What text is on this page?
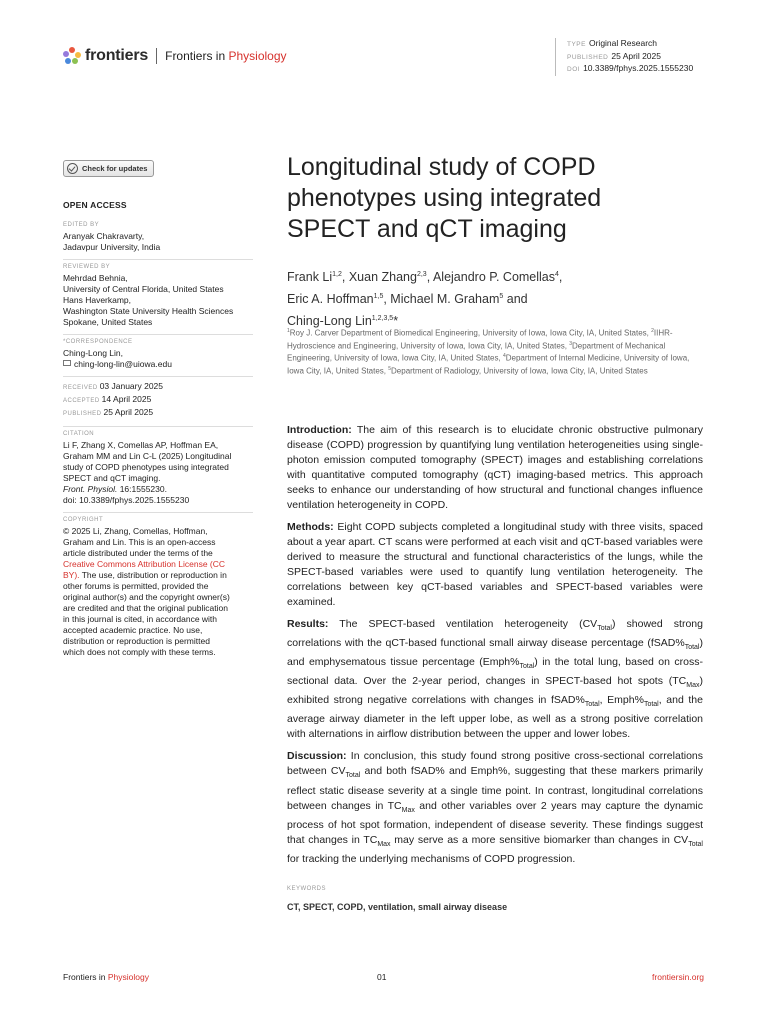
frontiers Frontiers in Physiology
TYPE Original Research
PUBLISHED 25 April 2025
DOI 10.3389/fphys.2025.1555230
Check for updates
OPEN ACCESS
EDITED BY
Aranyak Chakravarty,
Jadavpur University, India
REVIEWED BY
Mehrdad Behnia,
University of Central Florida, United States
Hans Haverkamp,
Washington State University Health Sciences
Spokane, United States
*CORRESPONDENCE
Ching-Long Lin,
ching-long-lin@uiowa.edu
RECEIVED 03 January 2025
ACCEPTED 14 April 2025
PUBLISHED 25 April 2025
CITATION
Li F, Zhang X, Comellas AP, Hoffman EA,
Graham MM and Lin C-L (2025) Longitudinal
study of COPD phenotypes using integrated
SPECT and qCT imaging.
Front. Physiol. 16:1555230.
doi: 10.3389/fphys.2025.1555230
COPYRIGHT
© 2025 Li, Zhang, Comellas, Hoffman,
Graham and Lin. This is an open-access
article distributed under the terms of the
Creative Commons Attribution License (CC
BY). The use, distribution or reproduction in
other forums is permitted, provided the
original author(s) and the copyright owner(s)
are credited and that the original publication
in this journal is cited, in accordance with
accepted academic practice. No use,
distribution or reproduction is permitted
which does not comply with these terms.
Longitudinal study of COPD
phenotypes using integrated
SPECT and qCT imaging
Frank Li$^{1,2}$, Xuan Zhang$^{2,3}$, Alejandro P. Comellas$^4$,
Eric A. Hoffman$^{1,5}$, Michael M. Graham$^5$ and
Ching-Long Lin$^{1,2,3,5}$*
$^1$Roy J. Carver Department of Biomedical Engineering, University of Iowa, Iowa City, IA, United States, $^2$IIHR-Hydroscience and Engineering, University of Iowa, Iowa City, IA, United States, $^3$Department of Mechanical Engineering, University of Iowa, Iowa City, IA, United States, $^4$Department of Internal Medicine, University of Iowa, Iowa City, IA, United States, $^5$Department of Radiology, University of Iowa, Iowa City, IA, United States

Introduction: The aim of this research is to elucidate chronic obstructive pulmonary disease (COPD) progression by quantifying lung ventilation heterogeneities using single-photon emission computed tomography (SPECT) images and establishing correlations with quantitative computed tomography (qCT) imaging-based metrics. This approach seeks to enhance our understanding of how structural and functional changes influence ventilation heterogeneity in COPD.

Methods: Eight COPD subjects completed a longitudinal study with three visits, spaced about a year apart. CT scans were performed at each visit and qCT-based variables were derived to measure the structural and functional characteristics of the lungs, while the SPECT-based variables were used to quantify lung ventilation heterogeneity. The correlations between key qCT-based variables and SPECT-based variables were examined.

Results: The SPECT-based ventilation heterogeneity $(CV_{Total})$ showed strong correlations with the qCT-based functional small airway disease percentage $(fSAD\%_{Total})$ and emphysematous tissue percentage $(Emph\%_{Total})$ in the total lung, based on cross-sectional data. Over the 2-year period, changes in SPECT-based hot spots $(TC_{Max})$ exhibited strong negative correlations with changes in $fSAD\%_{Total}$, $Emph\%_{Total}$, and the average airway diameter in the left upper lobe, as well as a strong positive correlation with alternations in airflow distribution between the upper and lower lobes.

Discussion: In conclusion, this study found strong positive cross-sectional correlations between $CV_{Total}$ and both fSAD% and Emph%, suggesting that these markers primarily reflect static disease severity at a single time point. In contrast, longitudinal correlations between changes in $TC_{Max}$ and other variables over 2 years may capture the dynamic process of hot spot formation, independent of disease severity. These findings suggest that changes in $TC_{Max}$ may serve as a more sensitive biomarker than changes in $CV_{Total}$ for tracking the underlying mechanisms of COPD progression.

KEYWORDS
CT, SPECT, COPD, ventilation, small airway disease
Frontiers in Physiology	01	frontiersin.org
